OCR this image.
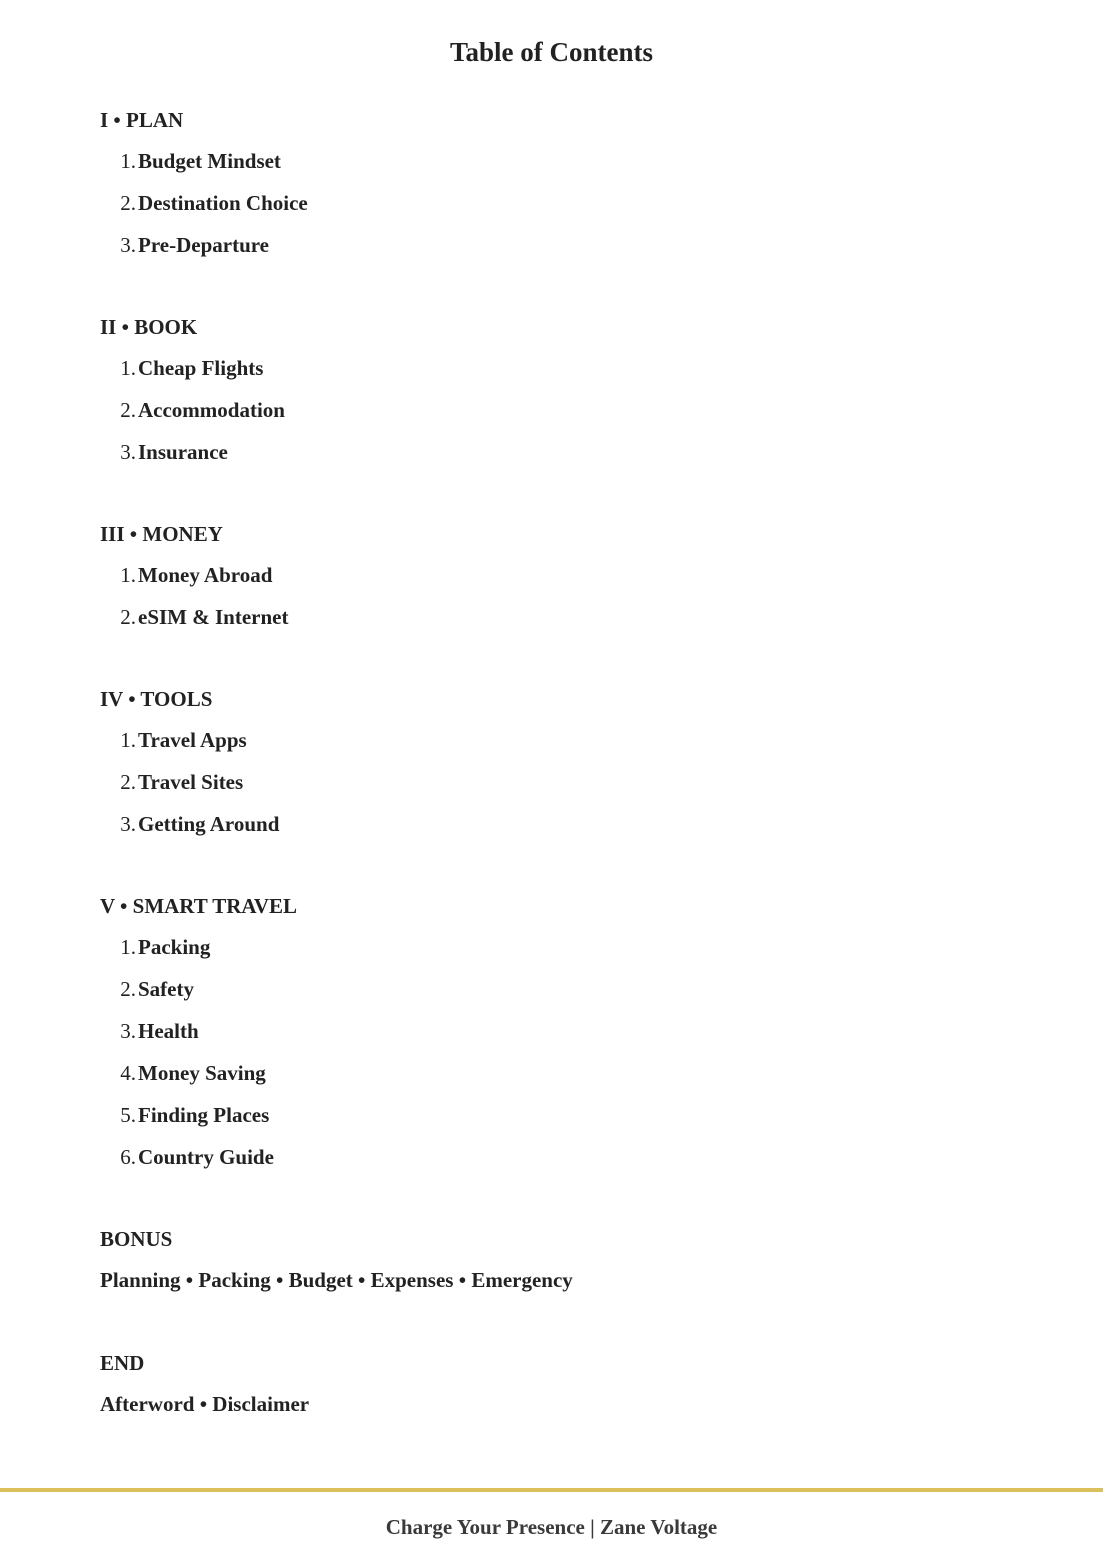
Table of Contents
I • PLAN
1. Budget Mindset
2. Destination Choice
3. Pre-Departure
II • BOOK
1. Cheap Flights
2. Accommodation
3. Insurance
III • MONEY
1. Money Abroad
2. eSIM & Internet
IV • TOOLS
1. Travel Apps
2. Travel Sites
3. Getting Around
V • SMART TRAVEL
1. Packing
2. Safety
3. Health
4. Money Saving
5. Finding Places
6. Country Guide
BONUS
Planning • Packing • Budget • Expenses • Emergency
END
Afterword • Disclaimer
Charge Your Presence | Zane Voltage
